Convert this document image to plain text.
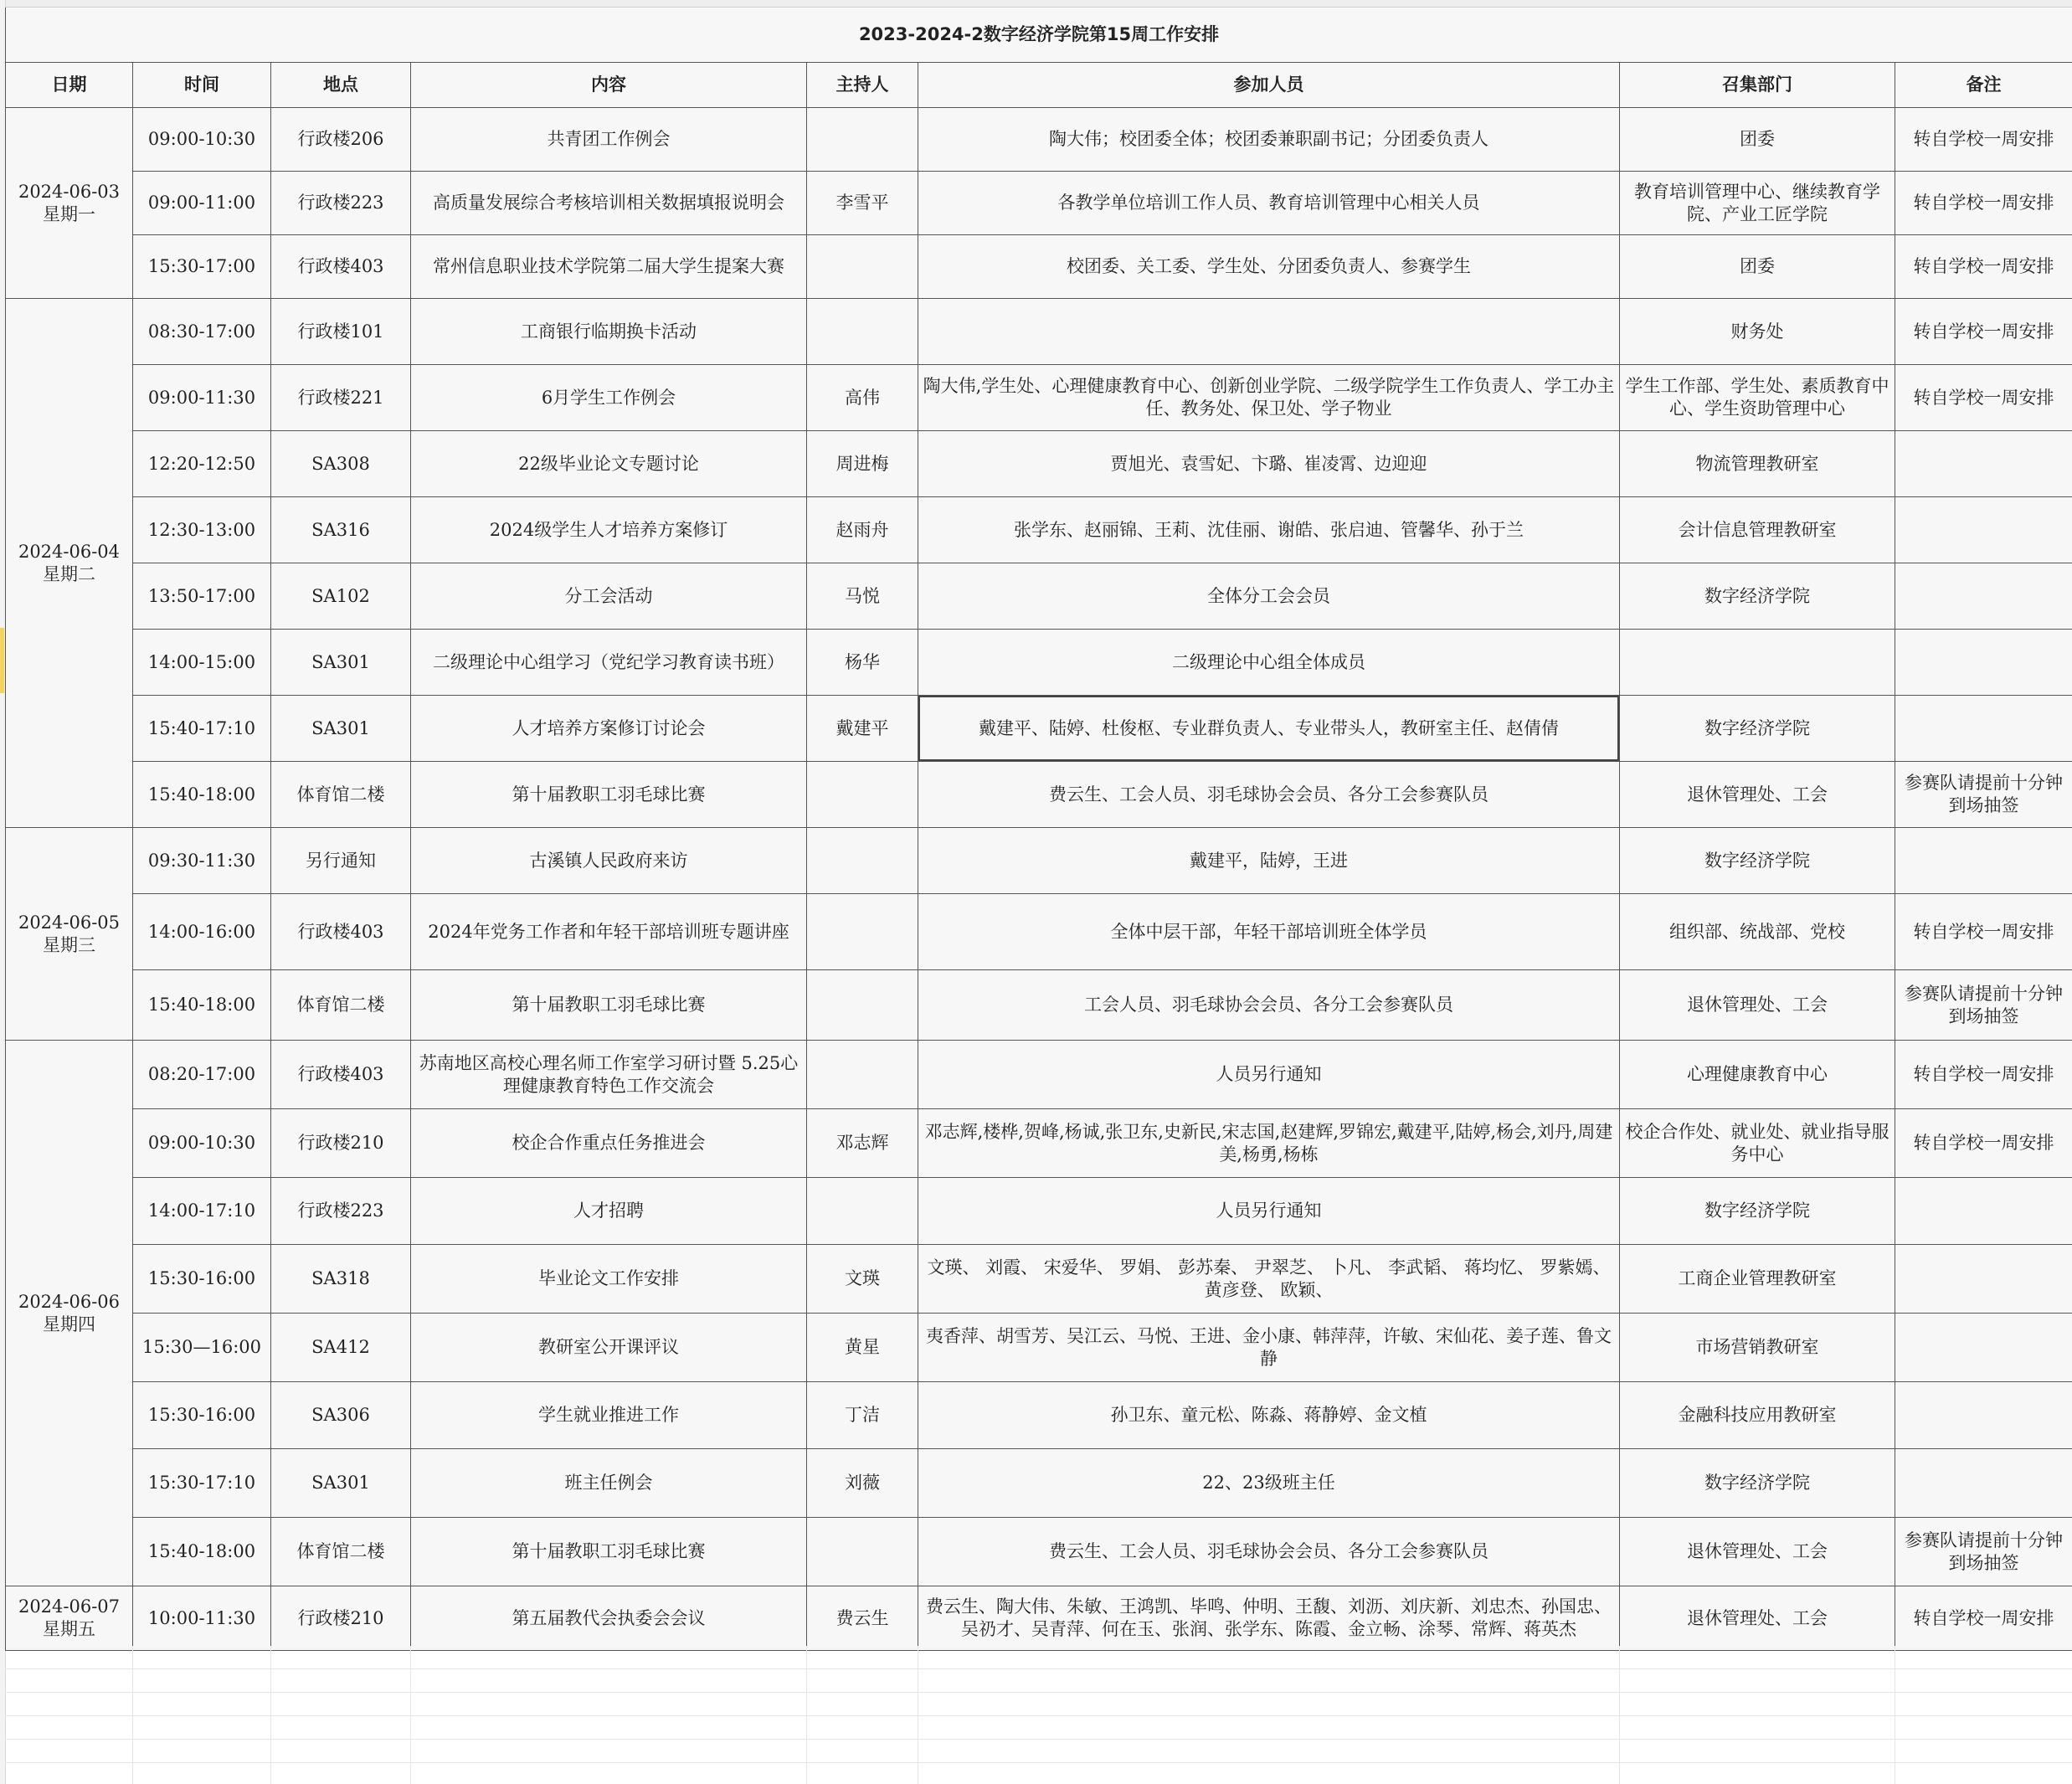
2023-2024-2数字经济学院第15周工作安排							
日期	时间	地点	内容	主持人	参加人员	召集部门	备注

2024-06-03
星期一	09:00-10:30	行政楼206	共青团工作例会		陶大伟；校团委全体；校团委兼职副书记；分团委负责人	团委	转自学校一周安排
	09:00-11:00	行政楼223	高质量发展综合考核培训相关数据填报说明会	李雪平	各教学单位培训工作人员、教育培训管理中心相关人员	教育培训管理中心、继续教育学院、产业工匠学院	转自学校一周安排
	15:30-17:00	行政楼403	常州信息职业技术学院第二届大学生提案大赛		校团委、关工委、学生处、分团委负责人、参赛学生	团委	转自学校一周安排

2024-06-04
星期二	08:30-17:00	行政楼101	工商银行临期换卡活动			财务处	转自学校一周安排
	09:00-11:30	行政楼221	6月学生工作例会	高伟	陶大伟,学生处、心理健康教育中心、创新创业学院、二级学院学生工作负责人、学工办主任、教务处、保卫处、学子物业	学生工作部、学生处、素质教育中心、学生资助管理中心	转自学校一周安排
	12:20-12:50	SA308	22级毕业论文专题讨论	周进梅	贾旭光、袁雪妃、卞璐、崔凌霄、边迎迎	物流管理教研室	
	12:30-13:00	SA316	2024级学生人才培养方案修订	赵雨舟	张学东、赵丽锦、王莉、沈佳丽、谢皓、张启迪、管馨华、孙于兰	会计信息管理教研室	
	13:50-17:00	SA102	分工会活动	马悦	全体分工会会员	数字经济学院	
	14:00-15:00	SA301	二级理论中心组学习（党纪学习教育读书班）	杨华	二级理论中心组全体成员		
	15:40-17:10	SA301	人才培养方案修订讨论会	戴建平	戴建平、陆婷、杜俊枢、专业群负责人、专业带头人，教研室主任、赵倩倩	数字经济学院	
	15:40-18:00	体育馆二楼	第十届教职工羽毛球比赛		费云生、工会人员、羽毛球协会会员、各分工会参赛队员	退休管理处、工会	参赛队请提前十分钟到场抽签

2024-06-05
星期三	09:30-11:30	另行通知	古溪镇人民政府来访		戴建平，陆婷，王进	数字经济学院	
	14:00-16:00	行政楼403	2024年党务工作者和年轻干部培训班专题讲座		全体中层干部，年轻干部培训班全体学员	组织部、统战部、党校	转自学校一周安排
	15:40-18:00	体育馆二楼	第十届教职工羽毛球比赛		工会人员、羽毛球协会会员、各分工会参赛队员	退休管理处、工会	参赛队请提前十分钟到场抽签

2024-06-06
星期四	08:20-17:00	行政楼403	苏南地区高校心理名师工作室学习研讨暨 5.25心理健康教育特色工作交流会		人员另行通知	心理健康教育中心	转自学校一周安排
	09:00-10:30	行政楼210	校企合作重点任务推进会	邓志辉	邓志辉,楼桦,贺峰,杨诚,张卫东,史新民,宋志国,赵建辉,罗锦宏,戴建平,陆婷,杨会,刘丹,周建美,杨勇,杨栋	校企合作处、就业处、就业指导服务中心	转自学校一周安排
	14:00-17:10	行政楼223	人才招聘		人员另行通知	数字经济学院	
	15:30-16:00	SA318	毕业论文工作安排	文瑛	文瑛、 刘霞、 宋爱华、 罗娟、 彭苏秦、 尹翠芝、 卜凡、 李武韬、 蒋均忆、 罗紫嫣、 黄彦登、 欧颖、	工商企业管理教研室	
	15:30—16:00	SA412	教研室公开课评议	黄星	夷香萍、胡雪芳、吴江云、马悦、王进、金小康、韩萍萍，许敏、宋仙花、姜子莲、鲁文静	市场营销教研室	
	15:30-16:00	SA306	学生就业推进工作	丁洁	孙卫东、童元松、陈淼、蒋静婷、金文植	金融科技应用教研室	
	15:30-17:10	SA301	班主任例会	刘薇	22、23级班主任	数字经济学院	
	15:40-18:00	体育馆二楼	第十届教职工羽毛球比赛		费云生、工会人员、羽毛球协会会员、各分工会参赛队员	退休管理处、工会	参赛队请提前十分钟到场抽签

2024-06-07
星期五	10:00-11:30	行政楼210	第五届教代会执委会会议	费云生	费云生、陶大伟、朱敏、王鸿凯、毕鸣、仲明、王馥、刘沥、刘庆新、刘忠杰、孙国忠、吴礽才、吴青萍、何在玉、张润、张学东、陈霞、金立畅、涂琴、常辉、蒋英杰	退休管理处、工会	转自学校一周安排
